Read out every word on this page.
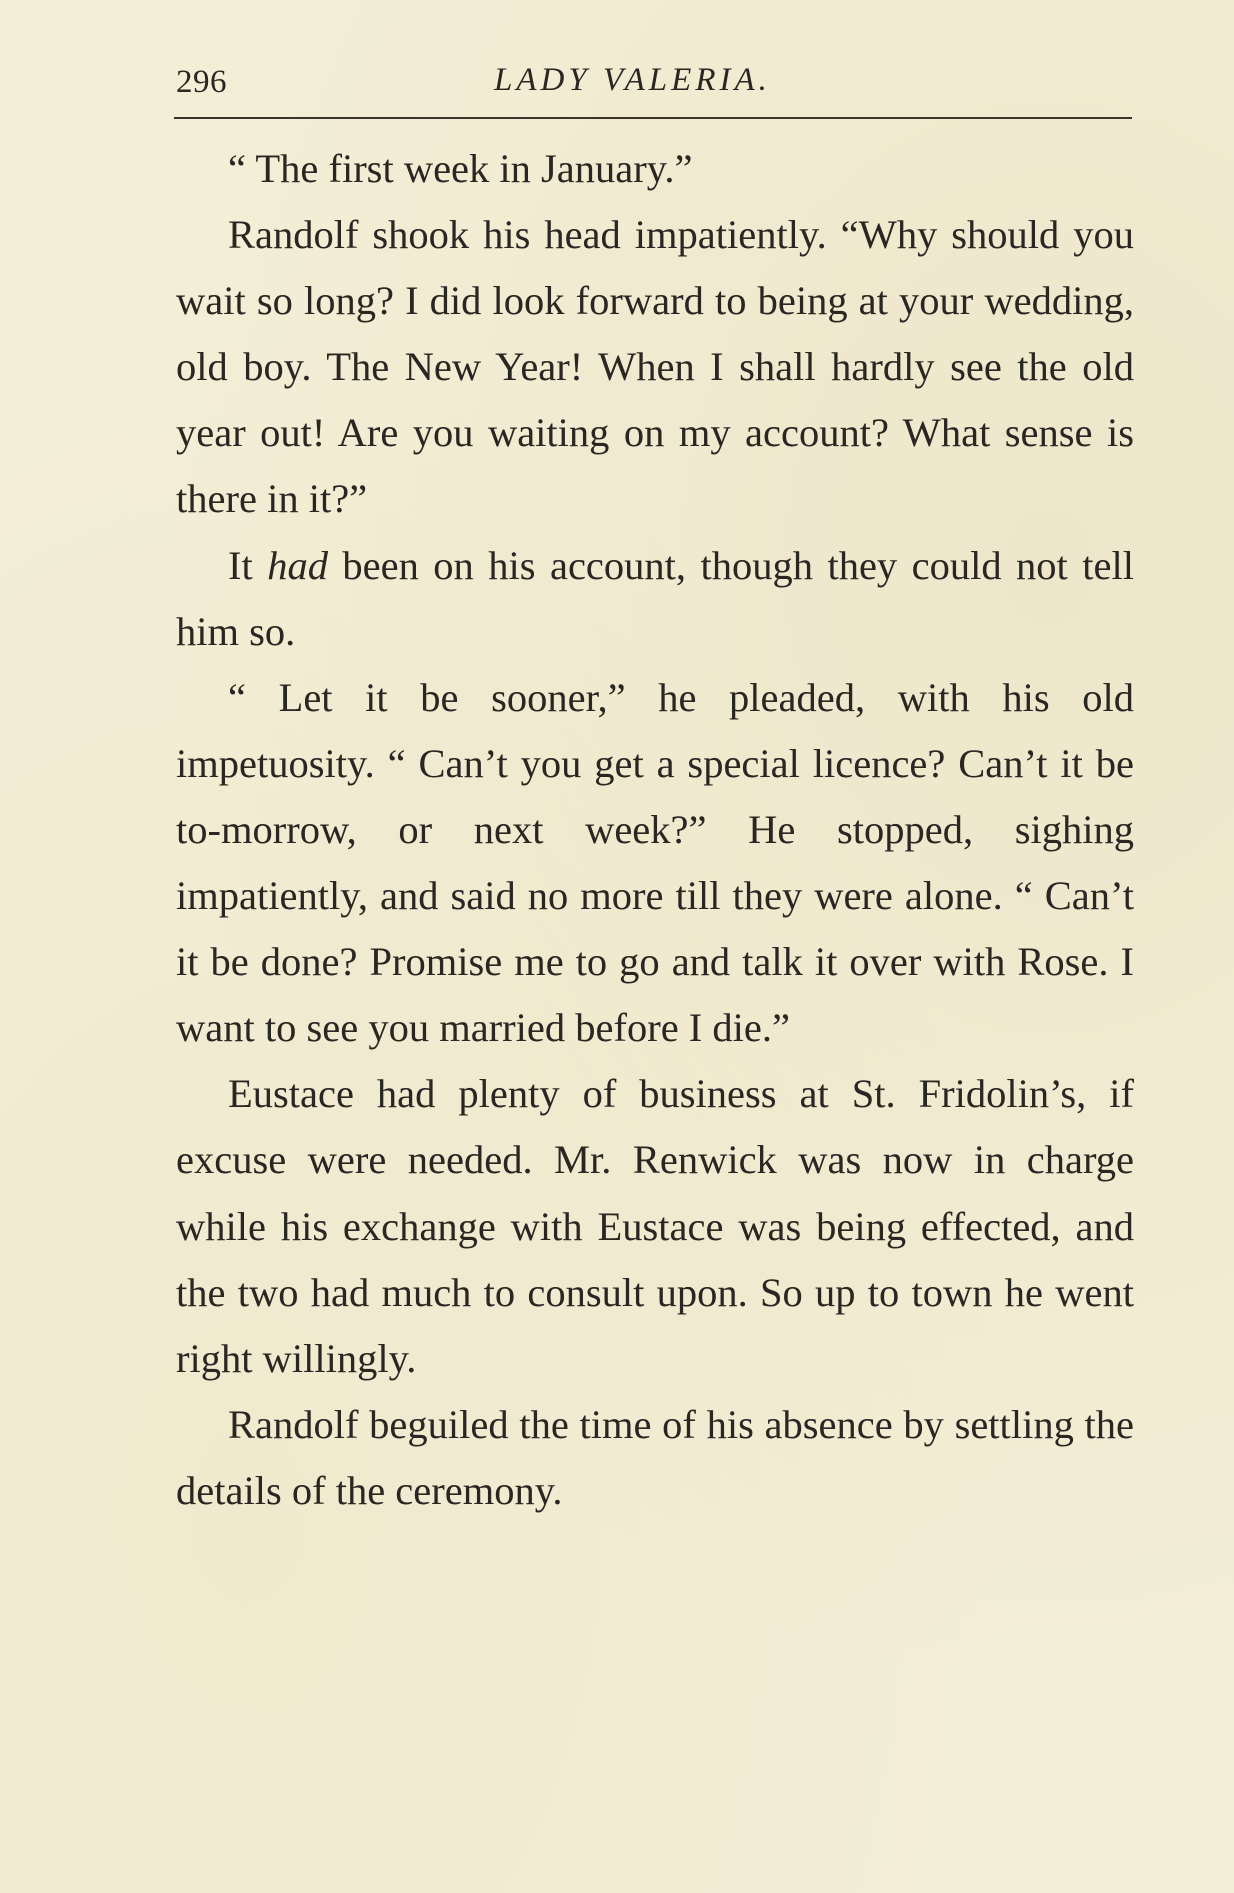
296	LADY VALERIA.

“ The first week in January.”

Randolf shook his head impatiently. “Why should you wait so long? I did look forward to being at your wedding, old boy. The New Year! When I shall hardly see the old year out! Are you waiting on my account? What sense is there in it?”

It had been on his account, though they could not tell him so.

“ Let it be sooner,” he pleaded, with his old impetuosity. “ Can’t you get a special licence? Can’t it be to-morrow, or next week?” He stopped, sighing impatiently, and said no more till they were alone. “ Can’t it be done? Promise me to go and talk it over with Rose. I want to see you married before I die.”

Eustace had plenty of business at St. Fridolin’s, if excuse were needed. Mr. Renwick was now in charge while his exchange with Eustace was being effected, and the two had much to consult upon. So up to town he went right willingly.

Randolf beguiled the time of his absence by settling the details of the ceremony.
